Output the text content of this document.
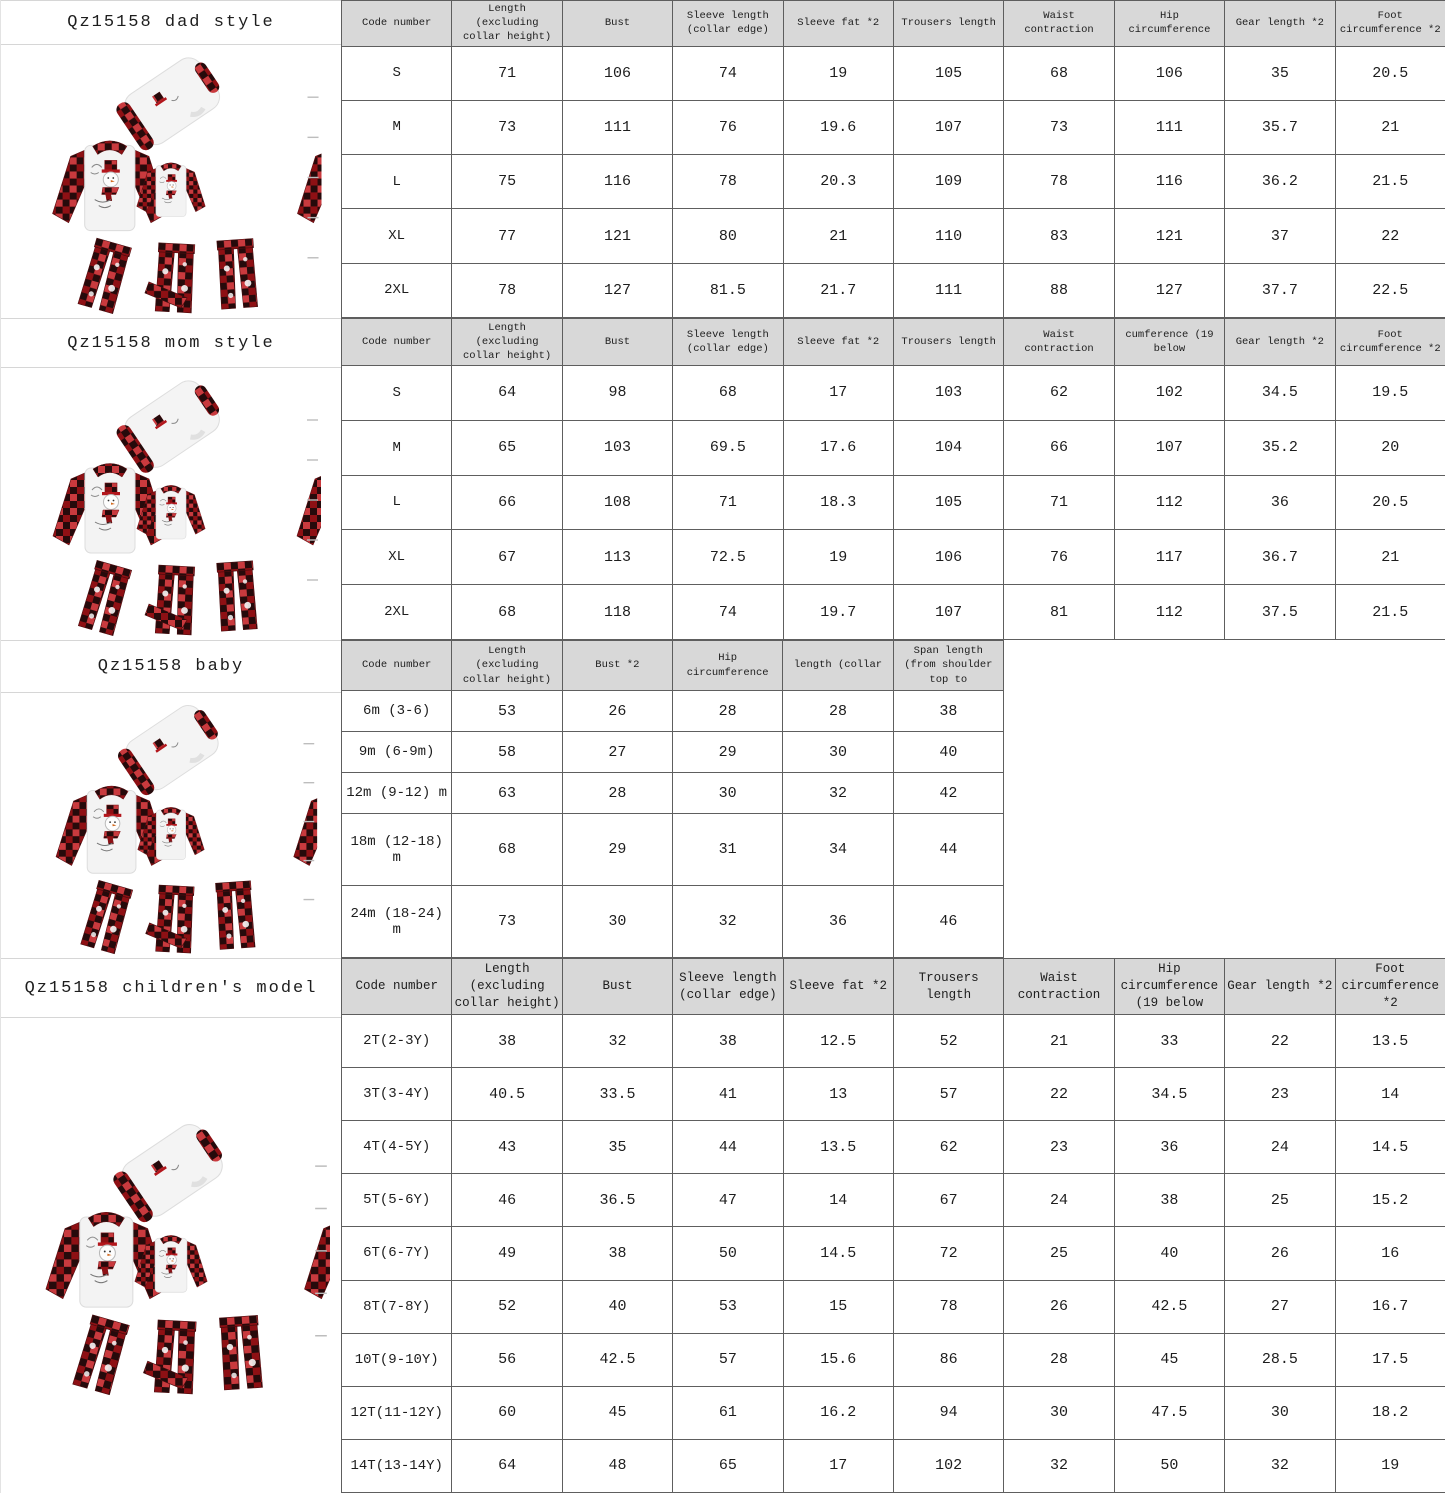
Qz15158 dad style	Code number	Length (excluding collar height)	Bust	Sleeve length (collar edge)	Sleeve fat *2	Trousers length	Waist contraction	Hip circumference	Gear length *2	Foot circumference *2
S	71	106	74	19	105	68	106	35	20.5
M	73	111	76	19.6	107	73	111	35.7	21
L	75	116	78	20.3	109	78	116	36.2	21.5
XL	77	121	80	21	110	83	121	37	22
2XL	78	127	81.5	21.7	111	88	127	37.7	22.5
Qz15158 mom style	Code number	Length (excluding collar height)	Bust	Sleeve length (collar edge)	Sleeve fat *2	Trousers length	Waist contraction	cumference (19 below	Gear length *2	Foot circumference *2
S	64	98	68	17	103	62	102	34.5	19.5
M	65	103	69.5	17.6	104	66	107	35.2	20
L	66	108	71	18.3	105	71	112	36	20.5
XL	67	113	72.5	19	106	76	117	36.7	21
2XL	68	118	74	19.7	107	81	112	37.5	21.5
Qz15158 baby	Code number	Length (excluding collar height)	Bust *2	Hip circumference	length (collar	Span length (from shoulder top to
6m (3-6)	53	26	28	28	38
9m (6-9m)	58	27	29	30	40
12m (9-12) m	63	28	30	32	42
18m (12-18) m	68	29	31	34	44
24m (18-24) m	73	30	32	36	46
Qz15158 children's model	Code number	Length (excluding collar height)	Bust	Sleeve length (collar edge)	Sleeve fat *2	Trousers length	Waist contraction	Hip circumference (19 below	Gear length *2	Foot circumference *2
2T(2-3Y)	38	32	38	12.5	52	21	33	22	13.5
3T(3-4Y)	40.5	33.5	41	13	57	22	34.5	23	14
4T(4-5Y)	43	35	44	13.5	62	23	36	24	14.5
5T(5-6Y)	46	36.5	47	14	67	24	38	25	15.2
6T(6-7Y)	49	38	50	14.5	72	25	40	26	16
8T(7-8Y)	52	40	53	15	78	26	42.5	27	16.7
10T(9-10Y)	56	42.5	57	15.6	86	28	45	28.5	17.5
12T(11-12Y)	60	45	61	16.2	94	30	47.5	30	18.2
14T(13-14Y)	64	48	65	17	102	32	50	32	19
